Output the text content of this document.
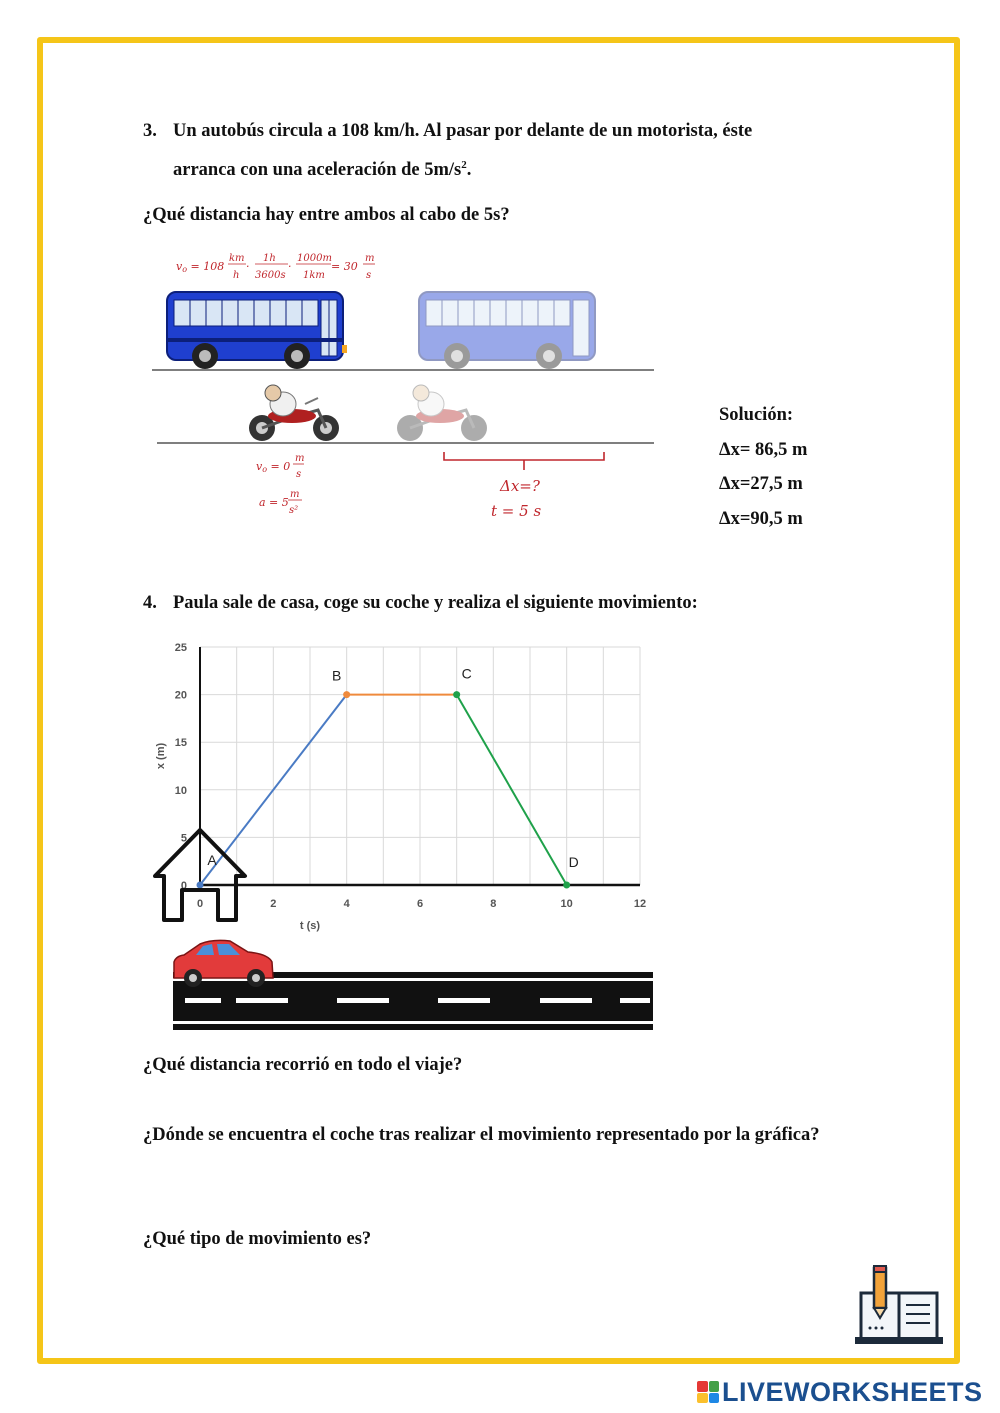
3. Un autobús circula a 108 km/h. Al pasar por delante de un motorista, éste
arranca con una aceleración de $5m/s^2$.
¿Qué distancia hay entre ambos al cabo de 5s?
vo = 108
km
h
·
1h
3600s
·
1000m
1km
= 30
m
s
vo = 0
m
s
a = 5
m
s²
Δx=?
t = 5 s
Solución:
Δx= 86,5 m
Δx=27,5 m
Δx=90,5 m
4. Paula sale de casa, coge su coche y realiza el siguiente movimiento:
0	2	4	6	8	10	12
0
5
10
15
20
25
t (s)
x (m)
A
B	C
D
¿Qué distancia recorrió en todo el viaje?
¿Dónde se encuentra el coche tras realizar el movimiento representado por la gráfica?
¿Qué tipo de movimiento es?
LIVEWORKSHEETS
